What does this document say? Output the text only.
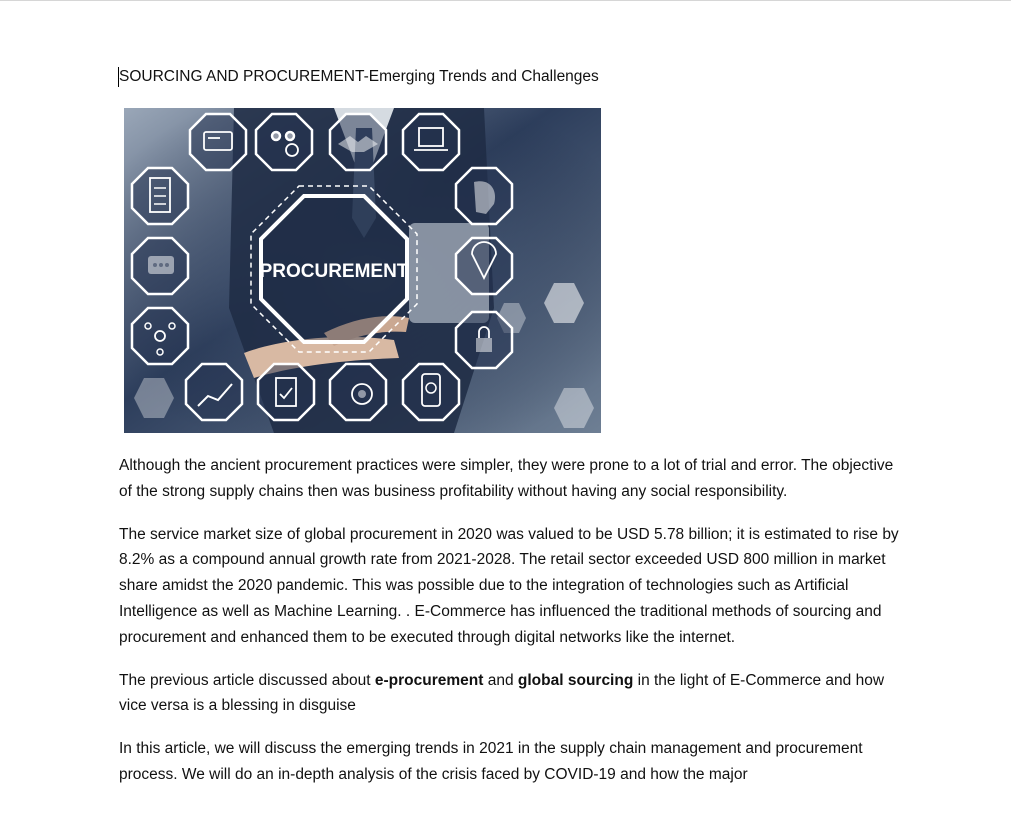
SOURCING AND PROCUREMENT-Emerging Trends and Challenges
PROCUREMENT

Although the ancient procurement practices were simpler, they were prone to a lot of trial and error. The objective of the strong supply chains then was business profitability without having any social responsibility.

The service market size of global procurement in 2020 was valued to be USD 5.78 billion; it is estimated to rise by 8.2% as a compound annual growth rate from 2021-2028. The retail sector exceeded USD 800 million in market share amidst the 2020 pandemic. This was possible due to the integration of technologies such as Artificial Intelligence as well as Machine Learning. . E-Commerce has influenced the traditional methods of sourcing and procurement and enhanced them to be executed through digital networks like the internet.

The previous article discussed about e-procurement and global sourcing in the light of E-Commerce and how vice versa is a blessing in disguise

In this article, we will discuss the emerging trends in 2021 in the supply chain management and procurement process. We will do an in-depth analysis of the crisis faced by COVID-19 and how the major
